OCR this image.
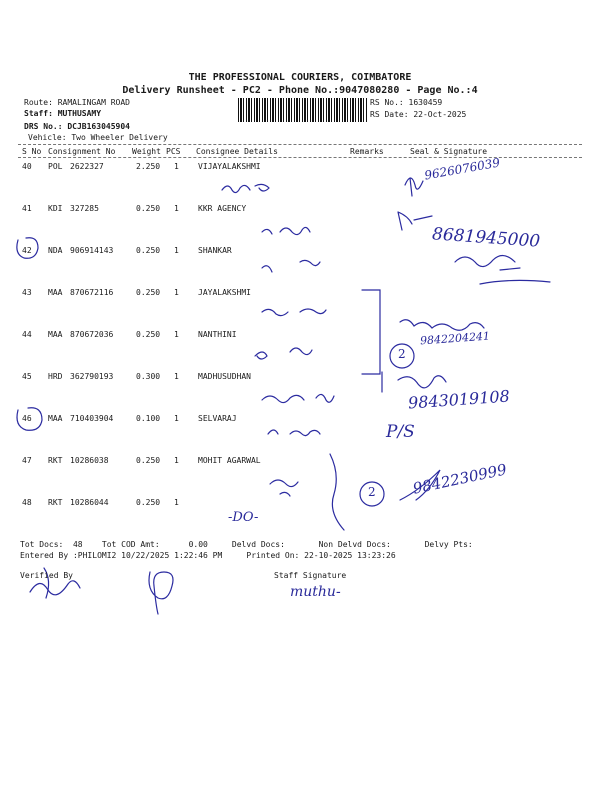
THE PROFESSIONAL COURIERS, COIMBATORE
Delivery Runsheet - PC2 - Phone No.:9047080280 - Page No.:4
Route: RAMALINGAM ROAD
Staff: MUTHUSAMY
DRS No.: DCJB163045904
Vehicle: Two Wheeler Delivery
RS No.: 1630459
RS Date: 22-Oct-2025
S No Consignment No Weight PCS Consignee Details	Remarks	Seal & Signature
40 POL 2622327	2.250 1 VIJAYALAKSHMI
41 KDI 327285	0.250 1 KKR AGENCY
42 NDA 906914143	0.250 1 SHANKAR
43 MAA 870672116	0.250 1 JAYALAKSHMI
44 MAA 870672036	0.250 1 NANTHINI
45 HRD 362790193	0.300 1 MADHUSUDHAN
46 MAA 710403904	0.100 1 SELVARAJ
47 RKT 10286038	0.250 1 MOHIT AGARWAL
48 RKT 10286044	0.250 1
9626076039
8681945000
9842204241
9843019108
P/S
9842230999
-DO-
2
2
Tot Docs:  48    Tot COD Amt:      0.00     Delvd Docs:       Non Delvd Docs:       Delvy Pts:
Entered By :PHILOMI2 10/22/2025 1:22:46 PM     Printed On: 22-10-2025 13:23:26
Verified By	Staff Signature
muthu-
